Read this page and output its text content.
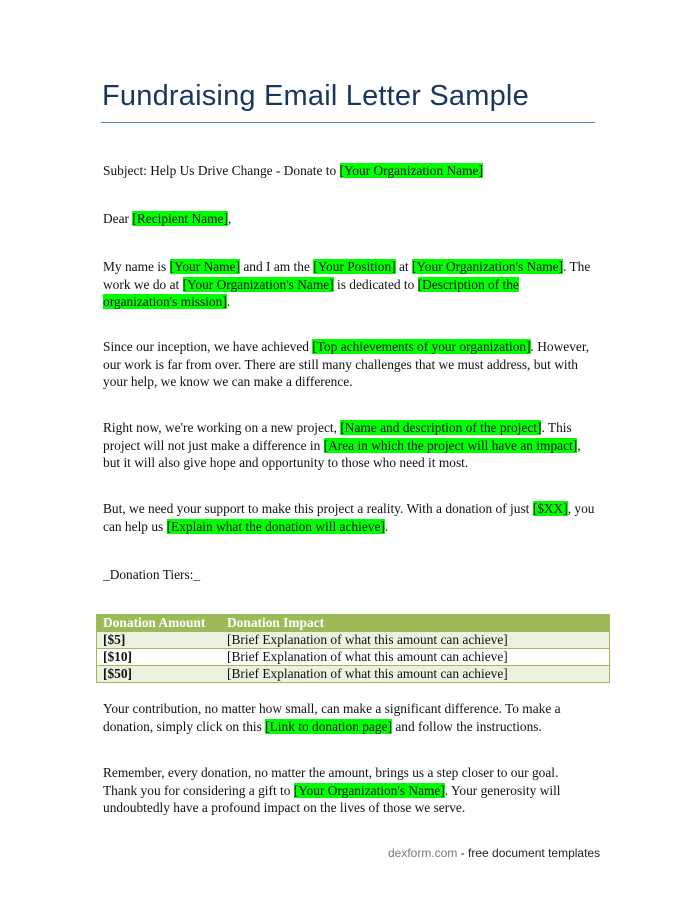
Fundraising Email Letter Sample
Subject: Help Us Drive Change - Donate to [Your Organization Name]
Dear [Recipient Name],
My name is [Your Name] and I am the [Your Position] at [Your Organization's Name]. The work we do at [Your Organization's Name] is dedicated to [Description of the organization's mission].
Since our inception, we have achieved [Top achievements of your organization]. However, our work is far from over. There are still many challenges that we must address, but with your help, we know we can make a difference.
Right now, we're working on a new project, [Name and description of the project]. This project will not just make a difference in [Area in which the project will have an impact], but it will also give hope and opportunity to those who need it most.
But, we need your support to make this project a reality. With a donation of just [$XX], you can help us [Explain what the donation will achieve].
_Donation Tiers:_
Donation Amount	Donation Impact
[$5]	[Brief Explanation of what this amount can achieve]
[$10]	[Brief Explanation of what this amount can achieve]
[$50]	[Brief Explanation of what this amount can achieve]
Your contribution, no matter how small, can make a significant difference. To make a donation, simply click on this [Link to donation page] and follow the instructions.
Remember, every donation, no matter the amount, brings us a step closer to our goal. Thank you for considering a gift to [Your Organization's Name]. Your generosity will undoubtedly have a profound impact on the lives of those we serve.
dexform.com - free document templates
